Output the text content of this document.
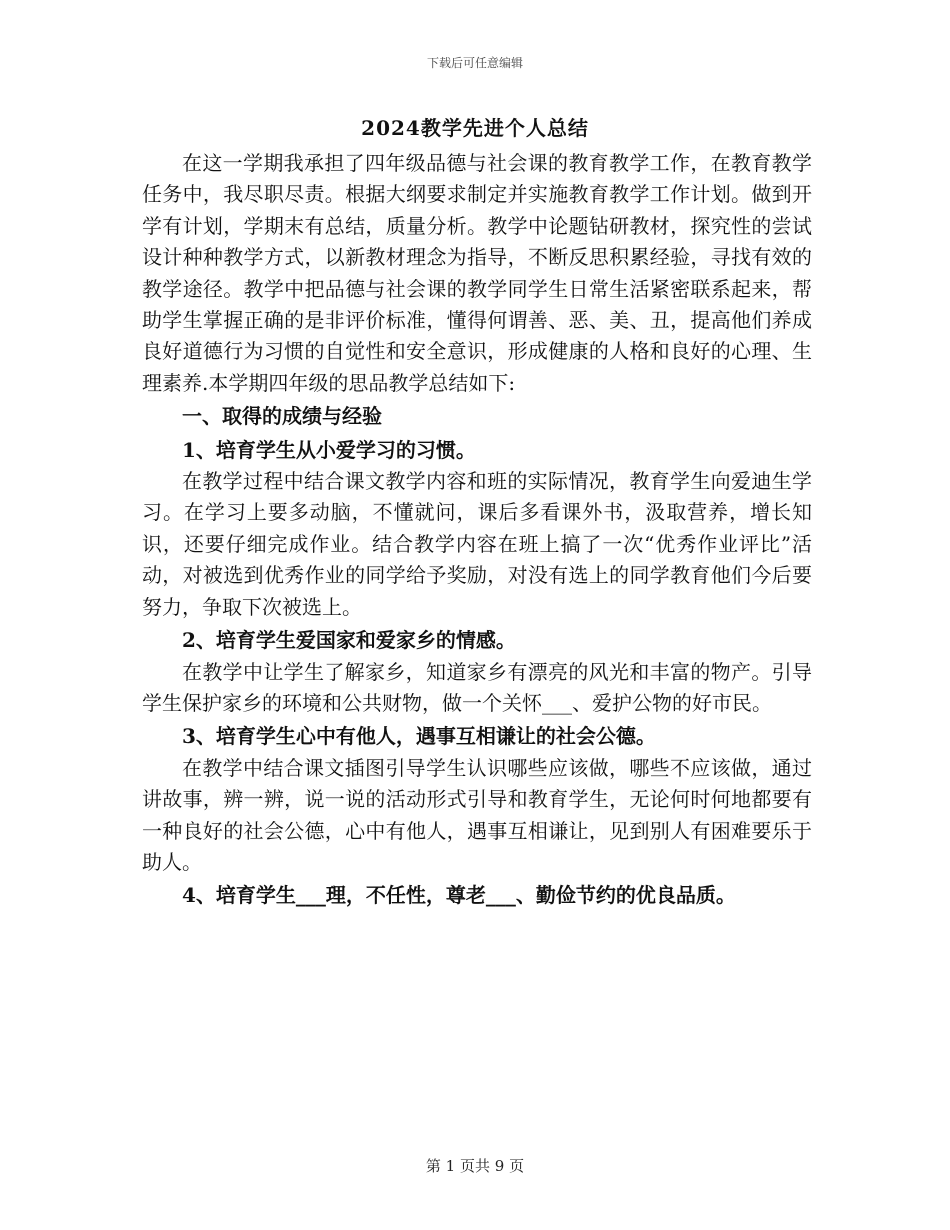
下载后可任意编辑
2024教学先进个人总结

在这一学期我承担了四年级品德与社会课的教育教学工作，在教育教学任务中，我尽职尽责。根据大纲要求制定并实施教育教学工作计划。做到开学有计划，学期末有总结，质量分析。教学中论题钻研教材，探究性的尝试设计种种教学方式，以新教材理念为指导，不断反思积累经验，寻找有效的教学途径。教学中把品德与社会课的教学同学生日常生活紧密联系起来，帮助学生掌握正确的是非评价标准，懂得何谓善、恶、美、丑，提高他们养成良好道德行为习惯的自觉性和安全意识，形成健康的人格和良好的心理、生理素养.本学期四年级的思品教学总结如下:

一、取得的成绩与经验

1、培育学生从小爱学习的习惯。

在教学过程中结合课文教学内容和班的实际情况，教育学生向爱迪生学习。在学习上要多动脑，不懂就问，课后多看课外书，汲取营养，增长知识，还要仔细完成作业。结合教学内容在班上搞了一次“优秀作业评比”活动，对被选到优秀作业的同学给予奖励，对没有选上的同学教育他们今后要努力，争取下次被选上。

2、培育学生爱国家和爱家乡的情感。

在教学中让学生了解家乡，知道家乡有漂亮的风光和丰富的物产。引导学生保护家乡的环境和公共财物，做一个关怀___、爱护公物的好市民。

3、培育学生心中有他人，遇事互相谦让的社会公德。

在教学中结合课文插图引导学生认识哪些应该做，哪些不应该做，通过讲故事，辨一辨，说一说的活动形式引导和教育学生，无论何时何地都要有一种良好的社会公德，心中有他人，遇事互相谦让，见到别人有困难要乐于助人。

4、培育学生___理，不任性，尊老___、勤俭节约的优良品质。

第 1 页共 9 页
